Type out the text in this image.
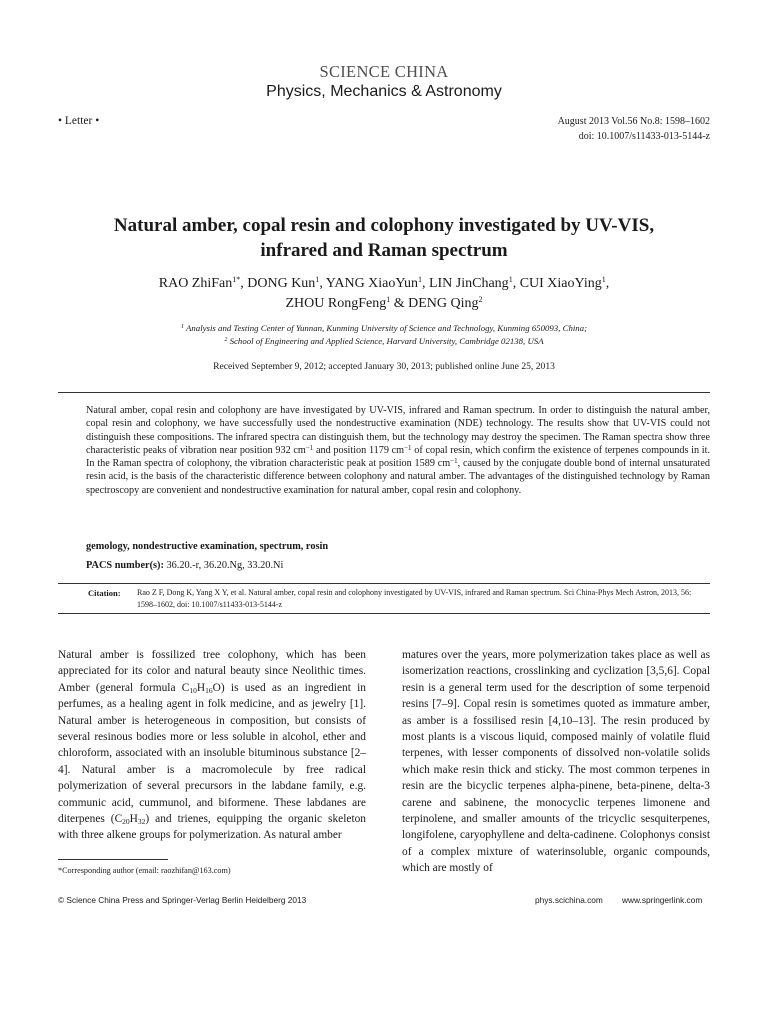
SCIENCE CHINA
Physics, Mechanics & Astronomy
• Letter •	August 2013 Vol.56 No.8: 1598–1602
doi: 10.1007/s11433-013-5144-z
Natural amber, copal resin and colophony investigated by UV-VIS,
infrared and Raman spectrum
RAO ZhiFan$^{1*}$, DONG Kun$^1$, YANG XiaoYun$^1$, LIN JinChang$^1$, CUI XiaoYing$^1$,
ZHOU RongFeng$^1$ & DENG Qing$^2$
$^1$ Analysis and Testing Center of Yunnan, Kunming University of Science and Technology, Kunming 650093, China;
$^2$ School of Engineering and Applied Science, Harvard University, Cambridge 02138, USA
Received September 9, 2012; accepted January 30, 2013; published online June 25, 2013
Natural amber, copal resin and colophony are have investigated by UV-VIS, infrared and Raman spectrum. In order to distinguish the natural amber, copal resin and colophony, we have successfully used the nondestructive examination (NDE) technology. The results show that UV-VIS could not distinguish these compositions. The infrared spectra can distinguish them, but the technology may destroy the specimen. The Raman spectra show three characteristic peaks of vibration near position 932 $cm^{-1}$ and position 1179 $cm^{-1}$ of copal resin, which confirm the existence of terpenes compounds in it. In the Raman spectra of colophony, the vibration characteristic peak at position 1589 $cm^{-1}$, caused by the conjugate double bond of internal unsaturated resin acid, is the basis of the characteristic difference between colophony and natural amber. The advantages of the distinguished technology by Raman spectroscopy are convenient and nondestructive examination for natural amber, copal resin and colophony.
gemology, nondestructive examination, spectrum, rosin
PACS number(s): 36.20.-r, 36.20.Ng, 33.20.Ni
Citation: Rao Z F, Dong K, Yang X Y, et al. Natural amber, copal resin and colophony investigated by UV-VIS, infrared and Raman spectrum. Sci China-Phys Mech Astron, 2013, 56: 1598–1602, doi: 10.1007/s11433-013-5144-z
Natural amber is fossilized tree colophony, which has been appreciated for its color and natural beauty since Neolithic times. Amber (general formula $C_{10}H_{16}O$) is used as an ingredient in perfumes, as a healing agent in folk medicine, and as jewelry [1]. Natural amber is heterogeneous in composition, but consists of several resinous bodies more or less soluble in alcohol, ether and chloroform, associated with an insoluble bituminous substance [2–4]. Natural amber is a macromolecule by free radical polymerization of several precursors in the labdane family, e.g. communic acid, cummunol, and biformene. These labdanes are diterpenes $(C_{20}H_{32})$ and trienes, equipping the organic skeleton with three alkene groups for polymerization. As natural amber
matures over the years, more polymerization takes place as well as isomerization reactions, crosslinking and cyclization [3,5,6]. Copal resin is a general term used for the description of some terpenoid resins [7–9]. Copal resin is sometimes quoted as immature amber, as amber is a fossilised resin [4,10–13]. The resin produced by most plants is a viscous liquid, composed mainly of volatile fluid terpenes, with lesser components of dissolved non-volatile solids which make resin thick and sticky. The most common terpenes in resin are the bicyclic terpenes alpha-pinene, beta-pinene, delta-3 carene and sabinene, the monocyclic terpenes limonene and terpinolene, and smaller amounts of the tricyclic sesquiterpenes, longifolene, caryophyllene and delta-cadinene. Colophonys consist of a complex mixture of waterinsoluble, organic compounds, which are mostly of
*Corresponding author (email: raozhifan@163.com)
© Science China Press and Springer-Verlag Berlin Heidelberg 2013	phys.scichina.com www.springerlink.com
